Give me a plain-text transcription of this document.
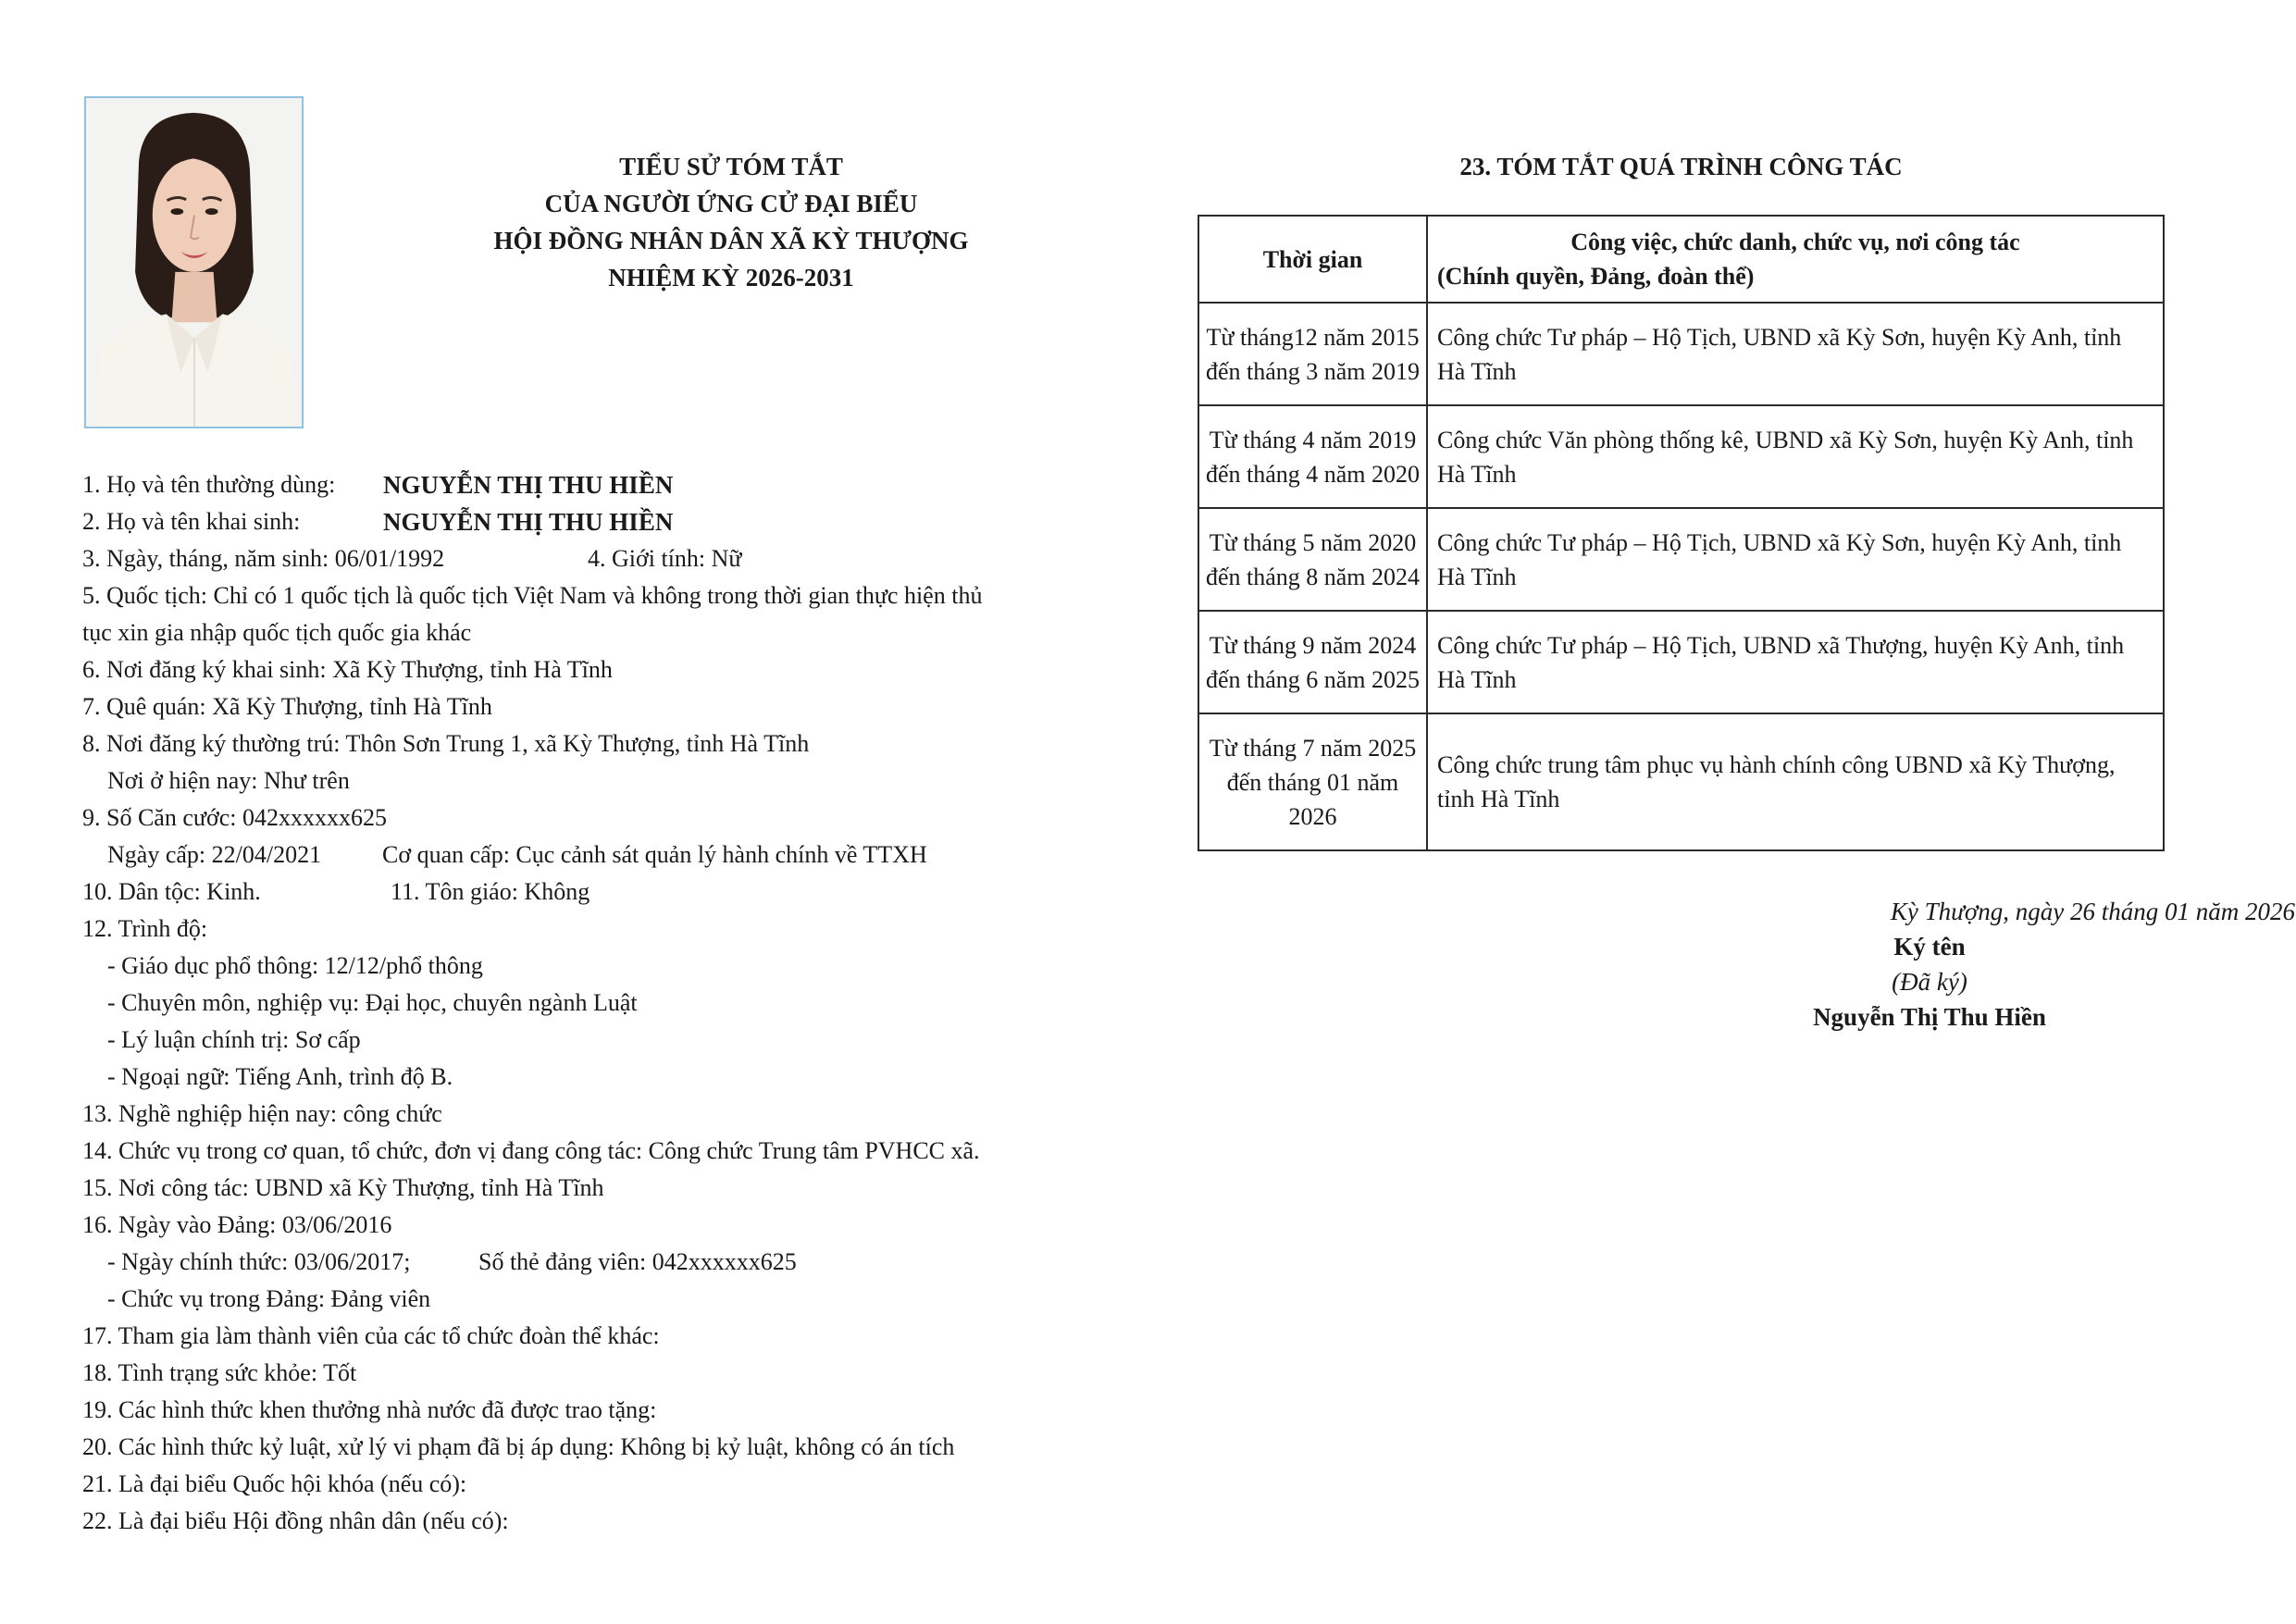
TIỂU SỬ TÓM TẮT
CỦA NGƯỜI ỨNG CỬ ĐẠI BIỂU
HỘI ĐỒNG NHÂN DÂN XÃ KỲ THƯỢNG
NHIỆM KỲ 2026-2031
1. Họ và tên thường dùng: NGUYỄN THỊ THU HIỀN
2. Họ và tên khai sinh:	NGUYỄN THỊ THU HIỀN
3. Ngày, tháng, năm sinh: 06/01/1992	4. Giới tính: Nữ
5. Quốc tịch: Chỉ có 1 quốc tịch là quốc tịch Việt Nam và không trong thời gian thực hiện thủ
tục xin gia nhập quốc tịch quốc gia khác
6. Nơi đăng ký khai sinh: Xã Kỳ Thượng, tỉnh Hà Tĩnh
7. Quê quán: Xã Kỳ Thượng, tỉnh Hà Tĩnh
8. Nơi đăng ký thường trú: Thôn Sơn Trung 1, xã Kỳ Thượng, tỉnh Hà Tĩnh
Nơi ở hiện nay: Như trên
9. Số Căn cước: 042xxxxxx625
Ngày cấp: 22/04/2021	Cơ quan cấp: Cục cảnh sát quản lý hành chính về TTXH
10. Dân tộc: Kinh.	11. Tôn giáo: Không
12. Trình độ:
- Giáo dục phổ thông: 12/12/phổ thông
- Chuyên môn, nghiệp vụ: Đại học, chuyên ngành Luật
- Lý luận chính trị: Sơ cấp
- Ngoại ngữ: Tiếng Anh, trình độ B.
13. Nghề nghiệp hiện nay: công chức
14. Chức vụ trong cơ quan, tổ chức, đơn vị đang công tác: Công chức Trung tâm PVHCC xã.
15. Nơi công tác: UBND xã Kỳ Thượng, tỉnh Hà Tĩnh
16. Ngày vào Đảng: 03/06/2016
- Ngày chính thức: 03/06/2017;	Số thẻ đảng viên: 042xxxxxx625
- Chức vụ trong Đảng: Đảng viên
17. Tham gia làm thành viên của các tổ chức đoàn thể khác:
18. Tình trạng sức khỏe: Tốt
19. Các hình thức khen thưởng nhà nước đã được trao tặng:
20. Các hình thức kỷ luật, xử lý vi phạm đã bị áp dụng: Không bị kỷ luật, không có án tích
21. Là đại biểu Quốc hội khóa (nếu có):
22. Là đại biểu Hội đồng nhân dân (nếu có):
23. TÓM TẮT QUÁ TRÌNH CÔNG TÁC
Thời gian	Công việc, chức danh, chức vụ, nơi công tác
(Chính quyền, Đảng, đoàn thể)

Từ tháng12 năm 2015 đến tháng 3 năm 2019	Công chức Tư pháp – Hộ Tịch, UBND xã Kỳ Sơn, huyện Kỳ Anh, tỉnh Hà Tĩnh
Từ tháng 4 năm 2019 đến tháng 4 năm 2020	Công chức Văn phòng thống kê, UBND xã Kỳ Sơn, huyện Kỳ Anh, tỉnh Hà Tĩnh
Từ tháng 5 năm 2020 đến tháng 8 năm 2024	Công chức Tư pháp – Hộ Tịch, UBND xã Kỳ Sơn, huyện Kỳ Anh, tỉnh Hà Tĩnh
Từ tháng 9 năm 2024 đến tháng 6 năm 2025	Công chức Tư pháp – Hộ Tịch, UBND xã Thượng, huyện Kỳ Anh, tỉnh Hà Tĩnh
Từ tháng 7 năm 2025 đến tháng 01 năm 2026	Công chức trung tâm phục vụ hành chính công UBND xã Kỳ Thượng, tỉnh Hà Tĩnh
Kỳ Thượng, ngày 26 tháng 01 năm 2026
Ký tên
(Đã ký)
Nguyễn Thị Thu Hiền
